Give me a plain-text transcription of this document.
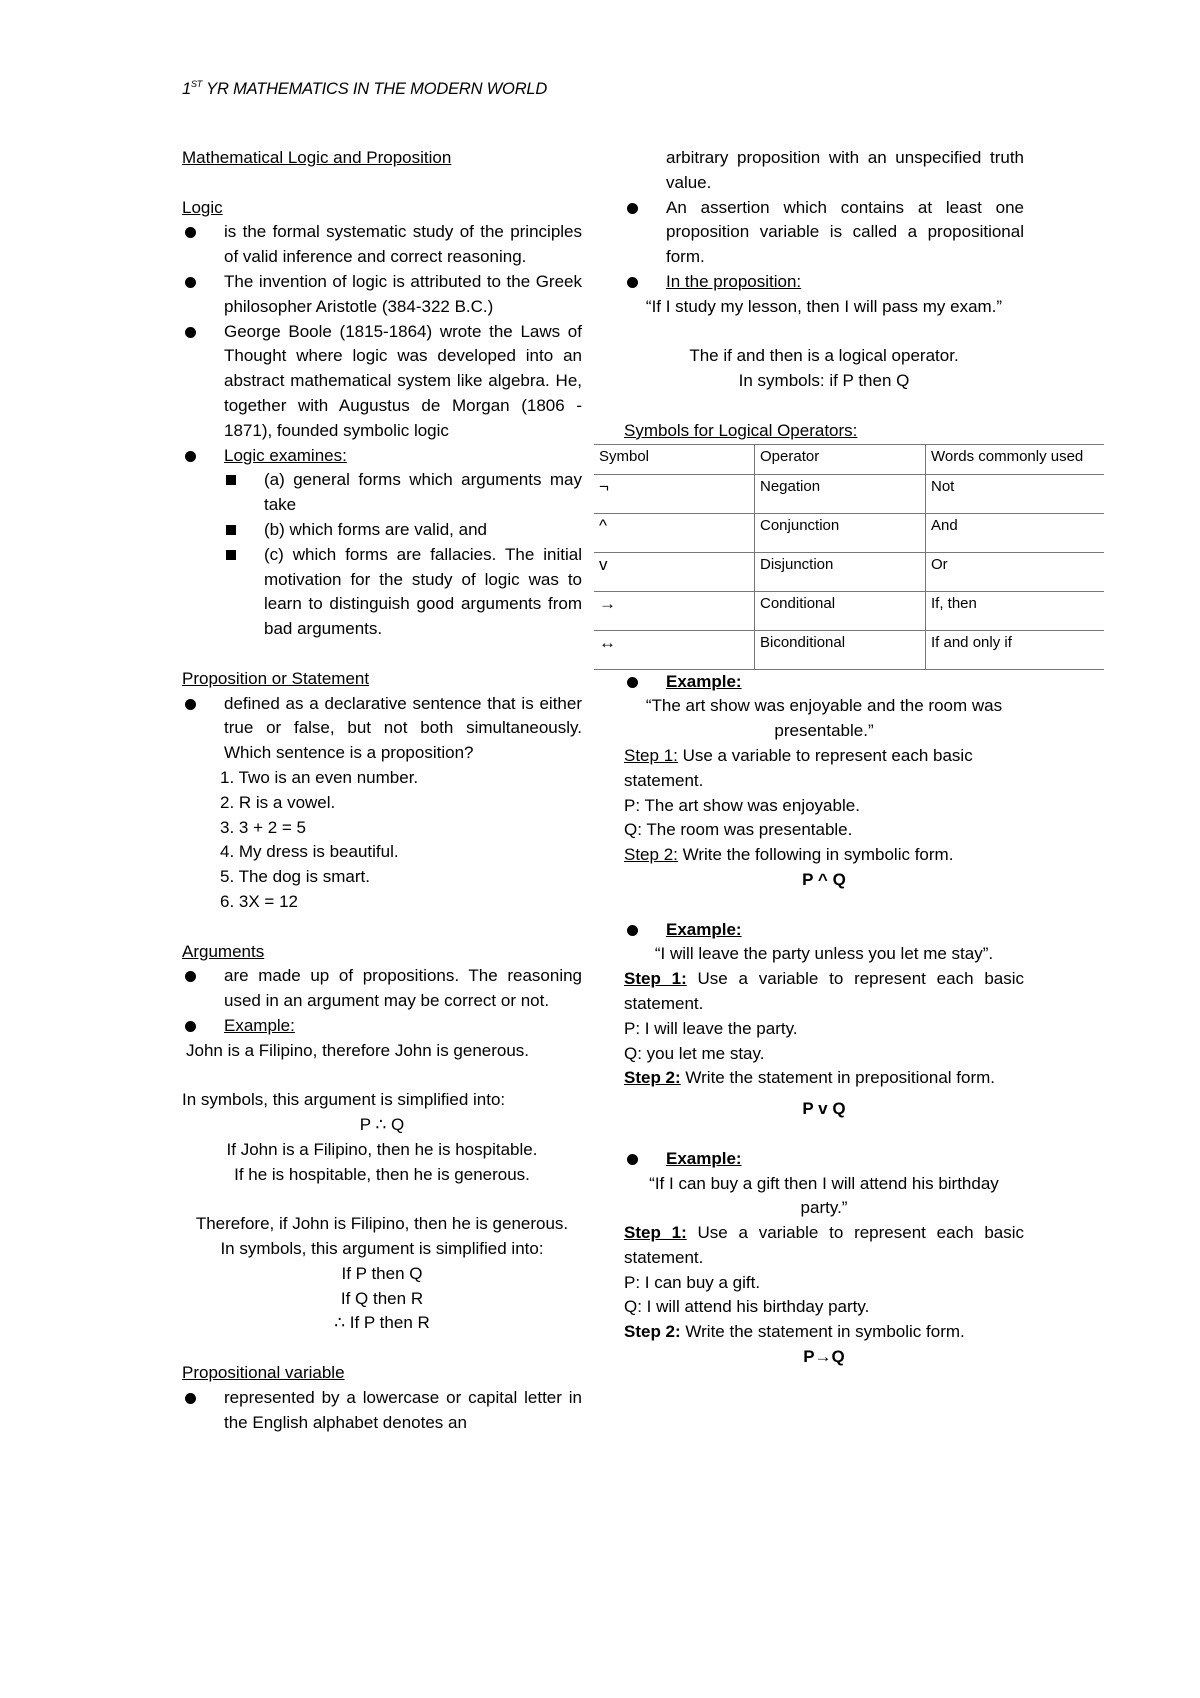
1ST YR MATHEMATICS IN THE MODERN WORLD

Mathematical Logic and Proposition

Logic

is the formal systematic study of the principles of valid inference and correct reasoning.
The invention of logic is attributed to the Greek philosopher Aristotle (384-322 B.C.)
George Boole (1815-1864) wrote the Laws of Thought where logic was developed into an abstract mathematical system like algebra. He, together with Augustus de Morgan (1806 - 1871), founded symbolic logic
Logic examines:
(a) general forms which arguments may take
(b) which forms are valid, and
(c) which forms are fallacies. The initial motivation for the study of logic was to learn to distinguish good arguments from bad arguments.

Proposition or Statement

defined as a declarative sentence that is either true or false, but not both simultaneously. Which sentence is a proposition?

1. Two is an even number.

2. R is a vowel.

3. 3 + 2 = 5

4. My dress is beautiful.

5. The dog is smart.

6. 3X = 12

Arguments

are made up of propositions. The reasoning used in an argument may be correct or not.
Example:

John is a Filipino, therefore John is generous.

In symbols, this argument is simplified into:

P ∴ Q

If John is a Filipino, then he is hospitable.

If he is hospitable, then he is generous.

Therefore, if John is Filipino, then he is generous.

In symbols, this argument is simplified into:

If P then Q

If Q then R

∴ If P then R

Propositional variable

represented by a lowercase or capital letter in the English alphabet denotes an

arbitrary proposition with an unspecified truth value.

An assertion which contains at least one proposition variable is called a propositional form.
In the proposition:

“If I study my lesson, then I will pass my exam.”

The if and then is a logical operator.

In symbols: if P then Q

Symbols for Logical Operators:

Symbol	Operator	Words commonly used
¬	Negation	Not
^	Conjunction	And
v	Disjunction	Or
→	Conditional	If, then
↔	Biconditional	If and only if
Example:

“The art show was enjoyable and the room was presentable.”

Step 1: Use a variable to represent each basic statement.

P: The art show was enjoyable.

Q: The room was presentable.

Step 2: Write the following in symbolic form.

P ^ Q

Example:

“I will leave the party unless you let me stay”.

Step 1: Use a variable to represent each basic statement.

P: I will leave the party.

Q: you let me stay.

Step 2: Write the statement in prepositional form.

P v Q

Example:

“If I can buy a gift then I will attend his birthday party.”

Step 1: Use a variable to represent each basic statement.

P: I can buy a gift.

Q: I will attend his birthday party.

Step 2: Write the statement in symbolic form.

P→Q
